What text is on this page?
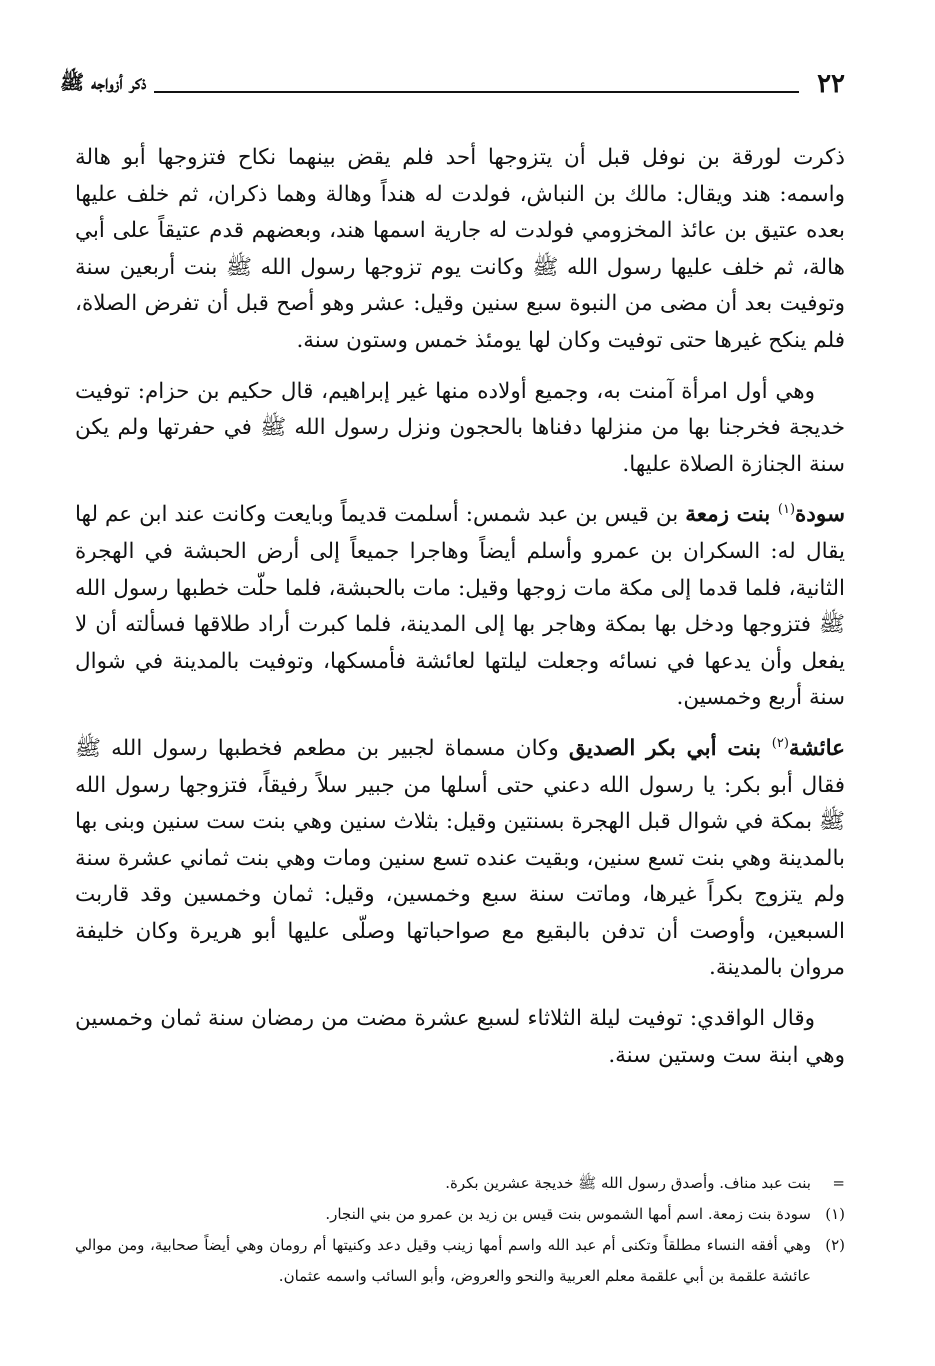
٢٢
ذكر أزواجه ﷺ

ذكرت لورقة بن نوفل قبل أن يتزوجها أحد فلم يقض بينهما نكاح فتزوجها أبو هالة واسمه: هند ويقال: مالك بن النباش، فولدت له هنداً وهالة وهما ذكران، ثم خلف عليها بعده عتيق بن عائذ المخزومي فولدت له جارية اسمها هند، وبعضهم قدم عتيقاً على أبي هالة، ثم خلف عليها رسول الله ﷺ وكانت يوم تزوجها رسول الله ﷺ بنت أربعين سنة وتوفيت بعد أن مضى من النبوة سبع سنين وقيل: عشر وهو أصح قبل أن تفرض الصلاة، فلم ينكح غيرها حتى توفيت وكان لها يومئذ خمس وستون سنة.

وهي أول امرأة آمنت به، وجميع أولاده منها غير إبراهيم، قال حكيم بن حزام: توفيت خديجة فخرجنا بها من منزلها دفناها بالحجون ونزل رسول الله ﷺ في حفرتها ولم يكن سنة الجنازة الصلاة عليها.

سودة$^{(١)}$ بنت زمعة بن قيس بن عبد شمس: أسلمت قديماً وبايعت وكانت عند ابن عم لها يقال له: السكران بن عمرو وأسلم أيضاً وهاجرا جميعاً إلى أرض الحبشة في الهجرة الثانية، فلما قدما إلى مكة مات زوجها وقيل: مات بالحبشة، فلما حلّت خطبها رسول الله ﷺ فتزوجها ودخل بها بمكة وهاجر بها إلى المدينة، فلما كبرت أراد طلاقها فسألته أن لا يفعل وأن يدعها في نسائه وجعلت ليلتها لعائشة فأمسكها، وتوفيت بالمدينة في شوال سنة أربع وخمسين.

عائشة$^{(٢)}$ بنت أبي بكر الصديق وكان مسماة لجبير بن مطعم فخطبها رسول الله ﷺ فقال أبو بكر: يا رسول الله دعني حتى أسلها من جبير سلاً رفيقاً، فتزوجها رسول الله ﷺ بمكة في شوال قبل الهجرة بسنتين وقيل: بثلاث سنين وهي بنت ست سنين وبنى بها بالمدينة وهي بنت تسع سنين، وبقيت عنده تسع سنين ومات وهي بنت ثماني عشرة سنة ولم يتزوج بكراً غيرها، وماتت سنة سبع وخمسين، وقيل: ثمان وخمسين وقد قاربت السبعين، وأوصت أن تدفن بالبقيع مع صواحباتها وصلّى عليها أبو هريرة وكان خليفة مروان بالمدينة.

وقال الواقدي: توفيت ليلة الثلاثاء لسبع عشرة مضت من رمضان سنة ثمان وخمسين وهي ابنة ست وستين سنة.

=
بنت عبد مناف. وأصدق رسول الله ﷺ خديجة عشرين بكرة.
(١)
سودة بنت زمعة. اسم أمها الشموس بنت قيس بن زيد بن عمرو من بني النجار.
(٢)
وهي أفقه النساء مطلقاً وتكنى أم عبد الله واسم أمها زينب وقيل دعد وكنيتها أم رومان وهي أيضاً صحابية، ومن موالي عائشة علقمة بن أبي علقمة معلم العربية والنحو والعروض، وأبو السائب واسمه عثمان.
